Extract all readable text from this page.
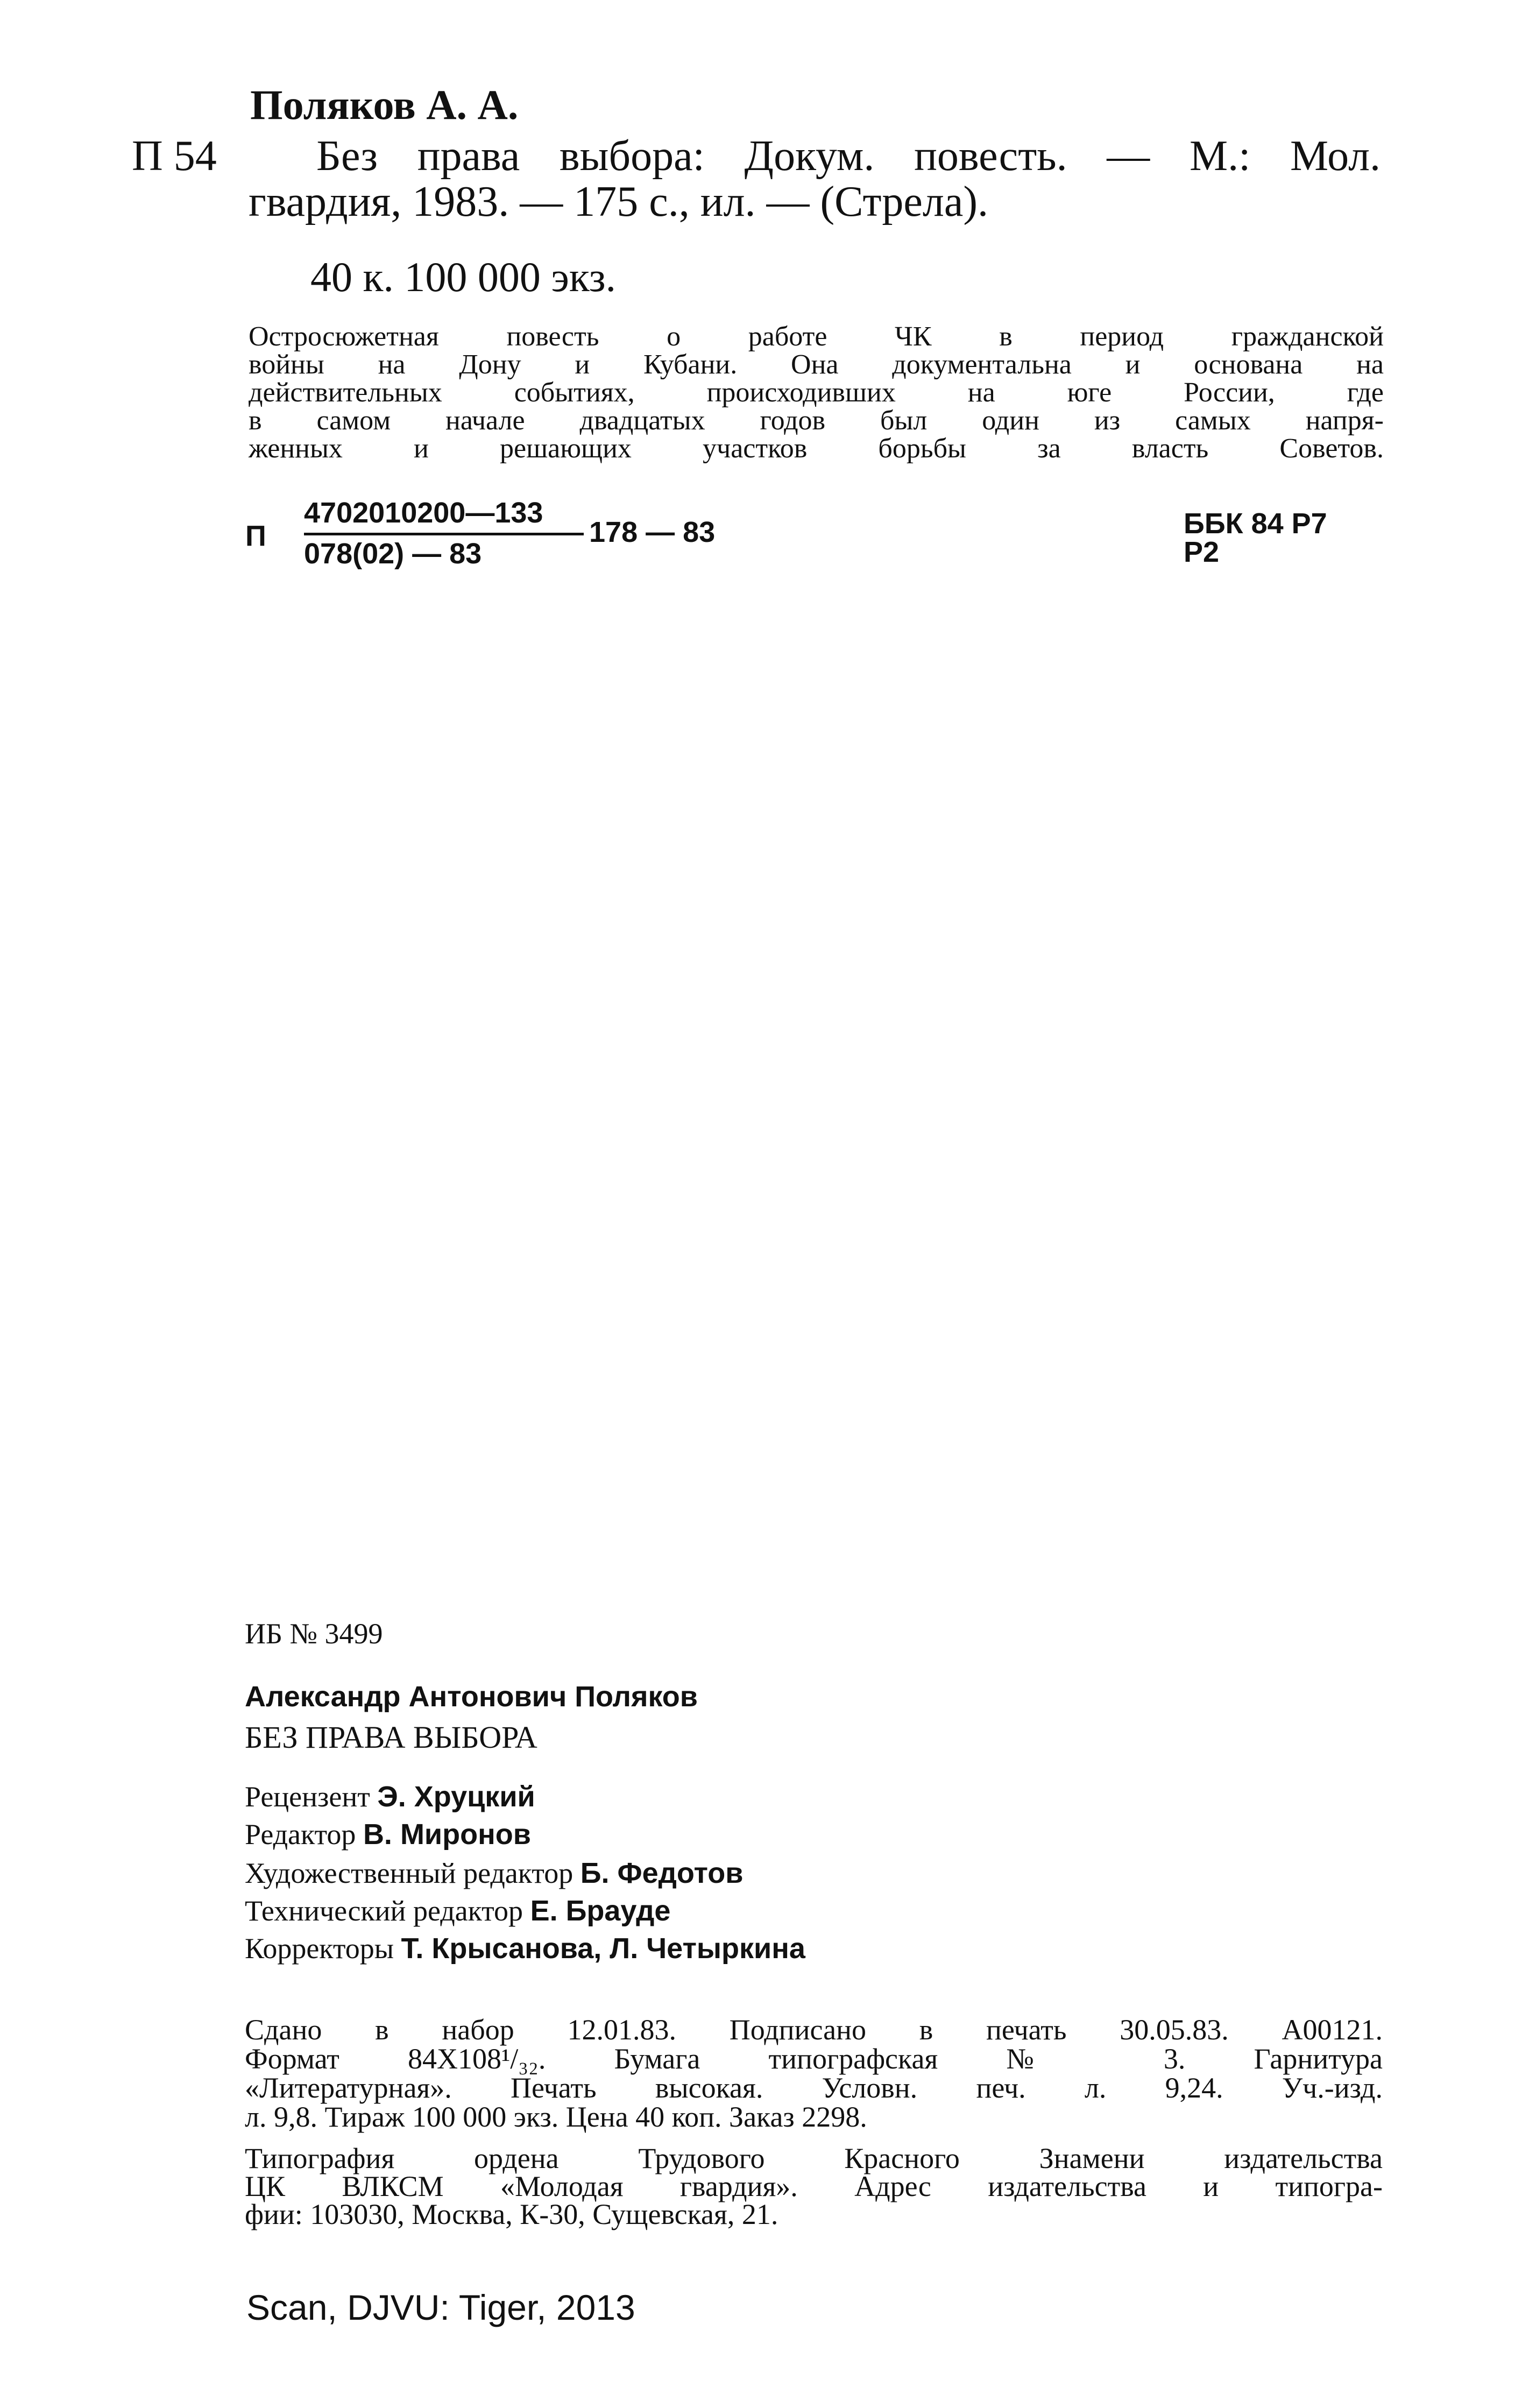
Поляков А. А.
П 54 Без права выбора: Докум. повесть. — М.: Мол.
гвардия, 1983. — 175 с., ил. — (Стрела).
40 к. 100 000 экз.
Остросюжетная повесть о работе ЧК в период гражданской
войны на Дону и Кубани. Она документальна и основана на
действительных событиях, происходивших на юге России, где
в самом начале двадцатых годов был один из самых напря-
женных и решающих участков борьбы за власть Советов.
П
4702010200—133
078(02) — 83
178 — 83	ББК 84 Р7
Р2
ИБ № 3499
Александр Антонович Поляков
БЕЗ ПРАВА ВЫБОРА
Рецензент Э. Хруцкий
Редактор В. Миронов
Художественный редактор Б. Федотов
Технический редактор Е. Брауде
Корректоры Т. Крысанова, Л. Четыркина
Сдано в набор 12.01.83. Подписано в печать 30.05.83. А00121.
Формат 84Х108¹/₃₂. Бумага типографская № 3. Гарнитура
«Литературная». Печать высокая. Условн. печ. л. 9,24. Уч.-изд.
л. 9,8. Тираж 100 000 экз. Цена 40 коп. Заказ 2298.
Типография ордена Трудового Красного Знамени издательства
ЦК ВЛКСМ «Молодая гвардия». Адрес издательства и типогра-
фии: 103030, Москва, К-30, Сущевская, 21.
Scan, DJVU: Tiger, 2013
